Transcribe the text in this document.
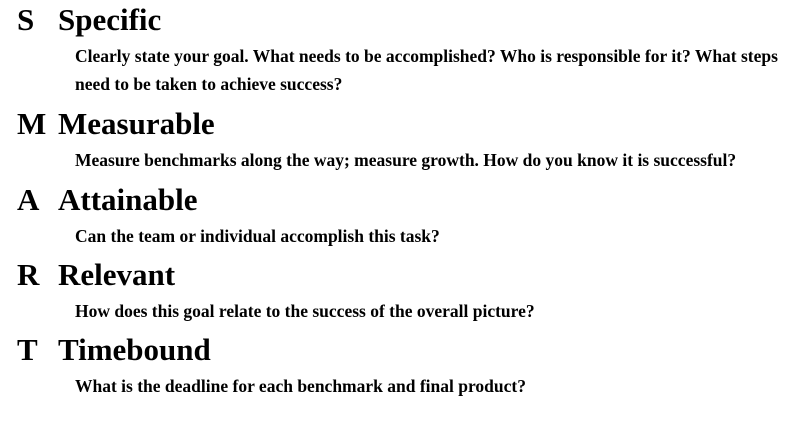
S Specific
Clearly state your goal. What needs to be accomplished? Who is responsible for it? What steps need to be taken to achieve success?
M Measurable
Measure benchmarks along the way; measure growth. How do you know it is successful?
A Attainable
Can the team or individual accomplish this task?
R Relevant
How does this goal relate to the success of the overall picture?
T Timebound
What is the deadline for each benchmark and final product?
